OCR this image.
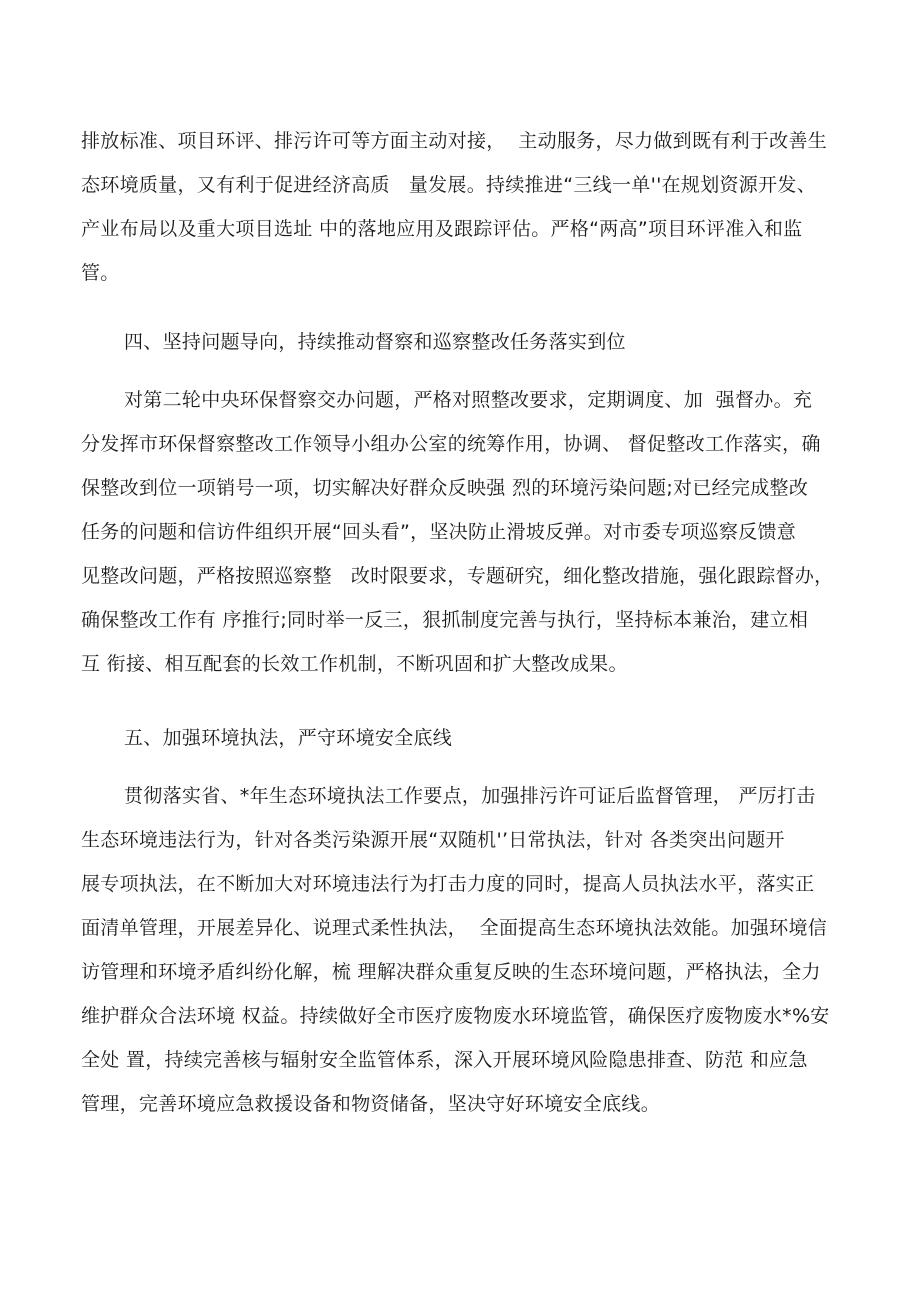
排放标准、项目环评、排污许可等方面主动对接，  主动服务，尽力做到既有利于改善生
态环境质量，又有利于促进经济高质   量发展。持续推进“三线一单''在规划资源开发、
产业布局以及重大项目选址 中的落地应用及跟踪评估。严格“两高”项目环评准入和监
管。
四、坚持问题导向，持续推动督察和巡察整改任务落实到位
对第二轮中央环保督察交办问题，严格对照整改要求，定期调度、加  强督办。充
分发挥市环保督察整改工作领导小组办公室的统筹作用，协调、 督促整改工作落实，确
保整改到位一项销号一项，切实解决好群众反映强 烈的环境污染问题;对已经完成整改
任务的问题和信访件组织开展“回头看”，坚决防止滑坡反弹。对市委专项巡察反馈意
见整改问题，严格按照巡察整   改时限要求，专题研究，细化整改措施，强化跟踪督办，
确保整改工作有 序推行;同时举一反三，狠抓制度完善与执行，坚持标本兼治，建立相
互 衔接、相互配套的长效工作机制，不断巩固和扩大整改成果。
五、加强环境执法，严守环境安全底线
贯彻落实省、*年生态环境执法工作要点，加强排污许可证后监督管理， 严厉打击
生态环境违法行为，针对各类污染源开展“双随机'’日常执法，针对 各类突出问题开
展专项执法，在不断加大对环境违法行为打击力度的同时，提高人员执法水平，落实正
面清单管理，开展差异化、说理式柔性执法，  全面提高生态环境执法效能。加强环境信
访管理和环境矛盾纠纷化解，梳 理解决群众重复反映的生态环境问题，严格执法，全力
维护群众合法环境 权益。持续做好全市医疗废物废水环境监管，确保医疗废物废水*%安
全处 置，持续完善核与辐射安全监管体系，深入开展环境风险隐患排查、防范 和应急
管理，完善环境应急救援设备和物资储备，坚决守好环境安全底线。
